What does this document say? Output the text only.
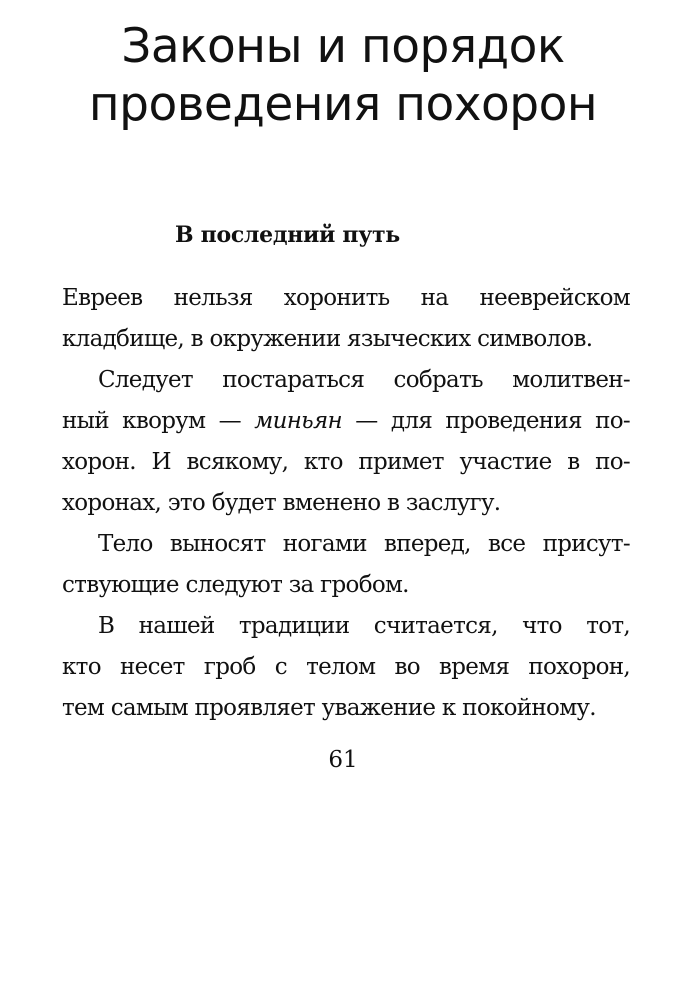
Законы и порядок
проведения похорон
В последний путь
Евреев нельзя хоронить на нееврейском
кладбище, в окружении языческих символов.
Следует постараться собрать молитвен-
ный кворум — миньян — для проведения по-
хорон. И всякому, кто примет участие в по-
хоронах, это будет вменено в заслугу.
Тело выносят ногами вперед, все присут-
ствующие следуют за гробом.
В нашей традиции считается, что тот,
кто несет гроб с телом во время похорон,
тем самым проявляет уважение к покойному.
61
